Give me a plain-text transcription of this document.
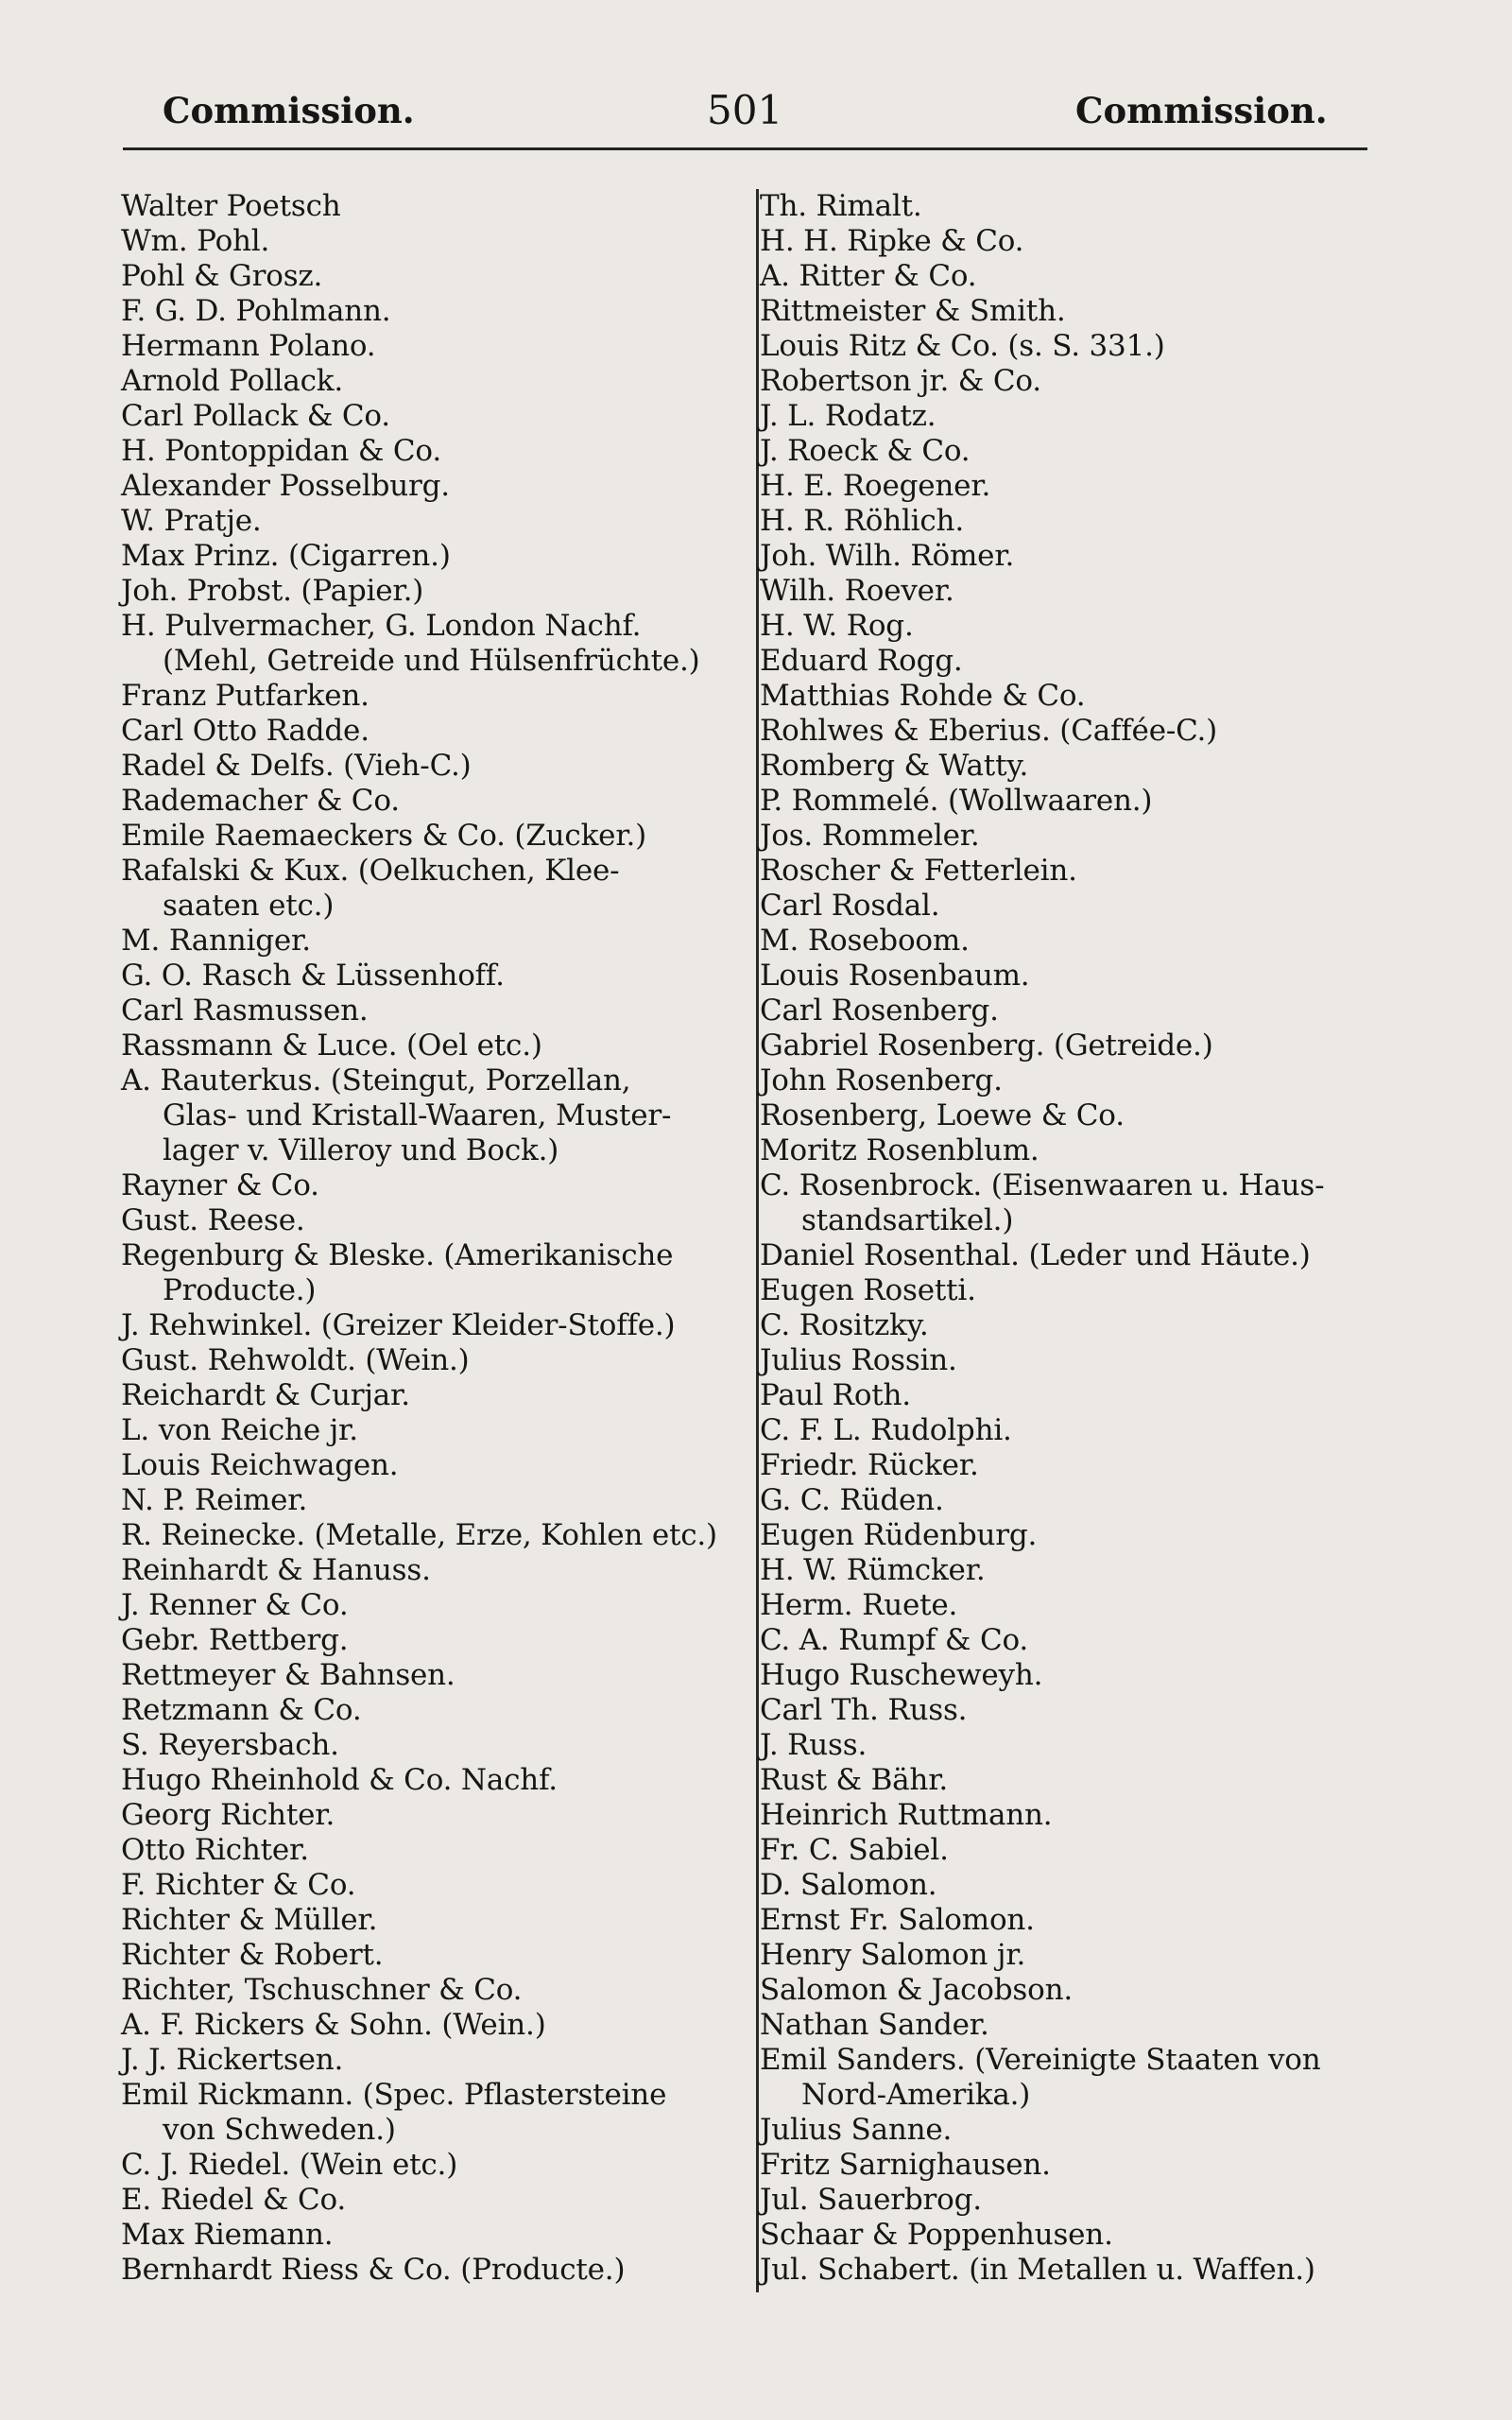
Commission.	501	Commission.
Walter Poetsch
Wm. Pohl.
Pohl & Grosz.
F. G. D. Pohlmann.
Hermann Polano.
Arnold Pollack.
Carl Pollack & Co.
H. Pontoppidan & Co.
Alexander Posselburg.
W. Pratje.
Max Prinz. (Cigarren.)
Joh. Probst. (Papier.)
H. Pulvermacher, G. London Nachf.
(Mehl, Getreide und Hülsenfrüchte.)
Franz Putfarken.
Carl Otto Radde.
Radel & Delfs. (Vieh-C.)
Rademacher & Co.
Emile Raemaeckers & Co. (Zucker.)
Rafalski & Kux. (Oelkuchen, Klee-
saaten etc.)
M. Ranniger.
G. O. Rasch & Lüssenhoff.
Carl Rasmussen.
Rassmann & Luce. (Oel etc.)
A. Rauterkus. (Steingut, Porzellan,
Glas- und Kristall-Waaren, Muster-
lager v. Villeroy und Bock.)
Rayner & Co.
Gust. Reese.
Regenburg & Bleske. (Amerikanische
Producte.)
J. Rehwinkel. (Greizer Kleider-Stoffe.)
Gust. Rehwoldt. (Wein.)
Reichardt & Curjar.
L. von Reiche jr.
Louis Reichwagen.
N. P. Reimer.
R. Reinecke. (Metalle, Erze, Kohlen etc.)
Reinhardt & Hanuss.
J. Renner & Co.
Gebr. Rettberg.
Rettmeyer & Bahnsen.
Retzmann & Co.
S. Reyersbach.
Hugo Rheinhold & Co. Nachf.
Georg Richter.
Otto Richter.
F. Richter & Co.
Richter & Müller.
Richter & Robert.
Richter, Tschuschner & Co.
A. F. Rickers & Sohn. (Wein.)
J. J. Rickertsen.
Emil Rickmann. (Spec. Pflastersteine
von Schweden.)
C. J. Riedel. (Wein etc.)
E. Riedel & Co.
Max Riemann.
Bernhardt Riess & Co. (Producte.)
Th. Rimalt.
H. H. Ripke & Co.
A. Ritter & Co.
Rittmeister & Smith.
Louis Ritz & Co. (s. S. 331.)
Robertson jr. & Co.
J. L. Rodatz.
J. Roeck & Co.
H. E. Roegener.
H. R. Röhlich.
Joh. Wilh. Römer.
Wilh. Roever.
H. W. Rog.
Eduard Rogg.
Matthias Rohde & Co.
Rohlwes & Eberius. (Caffée-C.)
Romberg & Watty.
P. Rommelé. (Wollwaaren.)
Jos. Rommeler.
Roscher & Fetterlein.
Carl Rosdal.
M. Roseboom.
Louis Rosenbaum.
Carl Rosenberg.
Gabriel Rosenberg. (Getreide.)
John Rosenberg.
Rosenberg, Loewe & Co.
Moritz Rosenblum.
C. Rosenbrock. (Eisenwaaren u. Haus-
standsartikel.)
Daniel Rosenthal. (Leder und Häute.)
Eugen Rosetti.
C. Rositzky.
Julius Rossin.
Paul Roth.
C. F. L. Rudolphi.
Friedr. Rücker.
G. C. Rüden.
Eugen Rüdenburg.
H. W. Rümcker.
Herm. Ruete.
C. A. Rumpf & Co.
Hugo Ruscheweyh.
Carl Th. Russ.
J. Russ.
Rust & Bähr.
Heinrich Ruttmann.
Fr. C. Sabiel.
D. Salomon.
Ernst Fr. Salomon.
Henry Salomon jr.
Salomon & Jacobson.
Nathan Sander.
Emil Sanders. (Vereinigte Staaten von
Nord-Amerika.)
Julius Sanne.
Fritz Sarnighausen.
Jul. Sauerbrog.
Schaar & Poppenhusen.
Jul. Schabert. (in Metallen u. Waffen.)
